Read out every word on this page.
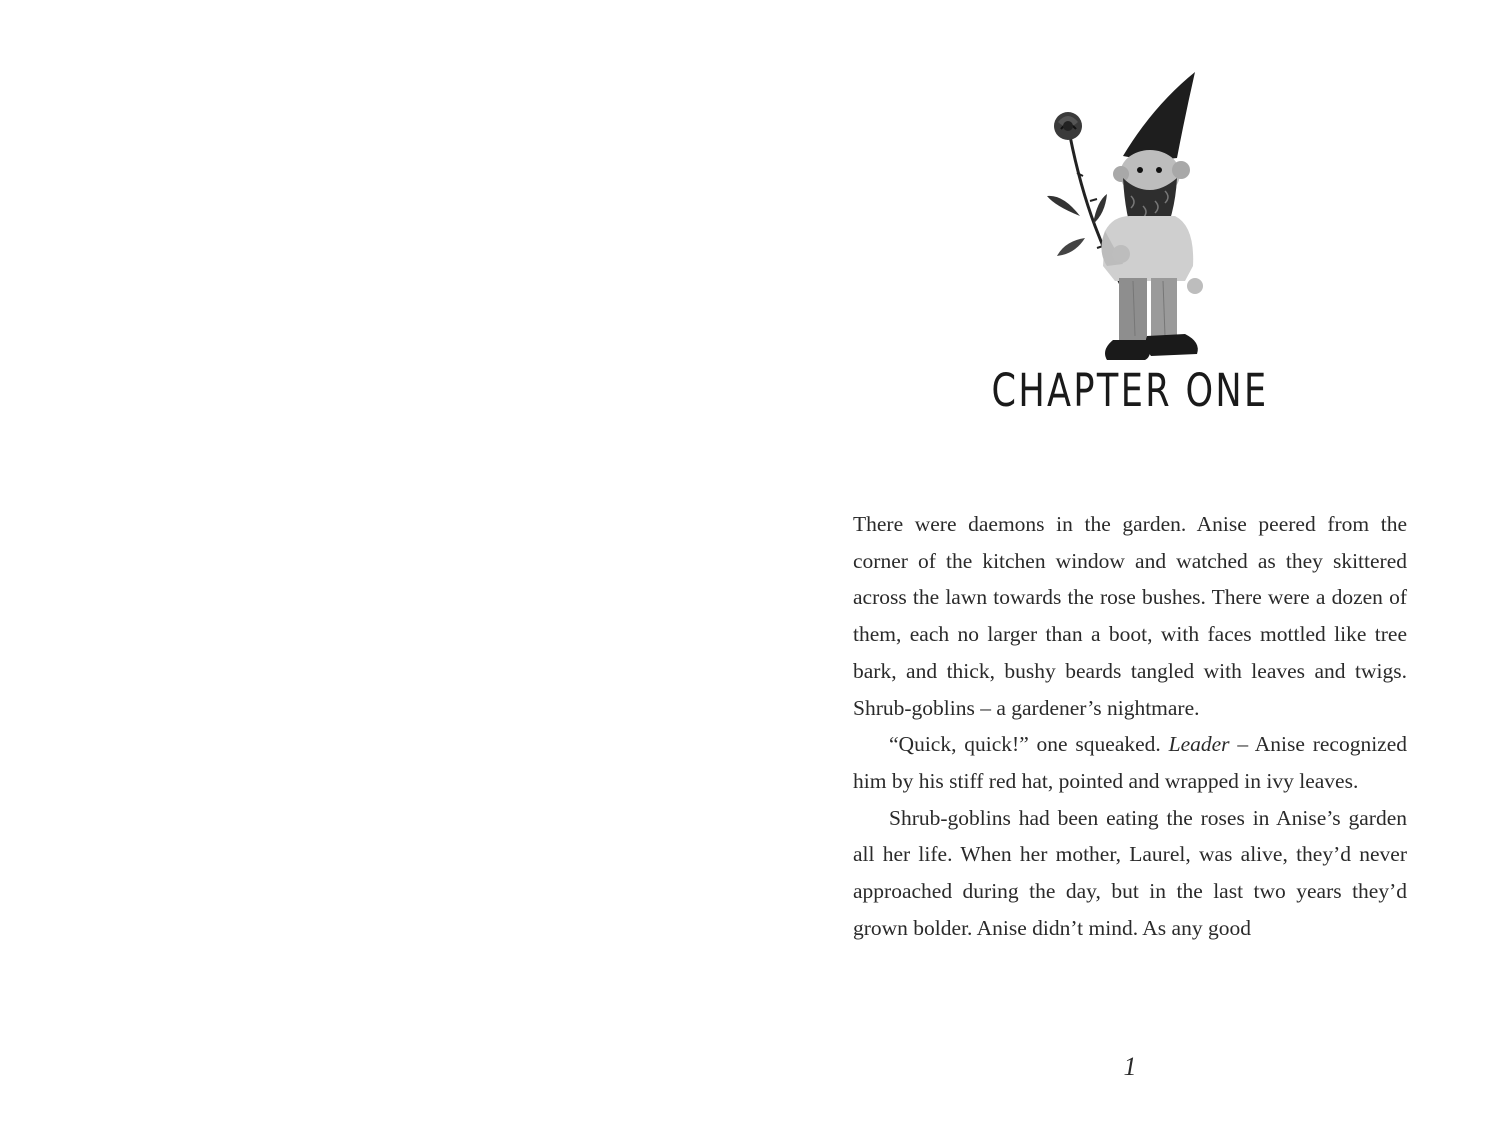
CHAPTER ONE

There were daemons in the garden. Anise peered from the corner of the kitchen window and watched as they skittered across the lawn towards the rose bushes. There were a dozen of them, each no larger than a boot, with faces mottled like tree bark, and thick, bushy beards tangled with leaves and twigs. Shrub-goblins – a gardener’s nightmare.

“Quick, quick!” one squeaked. Leader – Anise recognized him by his stiff red hat, pointed and wrapped in ivy leaves.

Shrub-goblins had been eating the roses in Anise’s garden all her life. When her mother, Laurel, was alive, they’d never approached during the day, but in the last two years they’d grown bolder. Anise didn’t mind. As any good

1
